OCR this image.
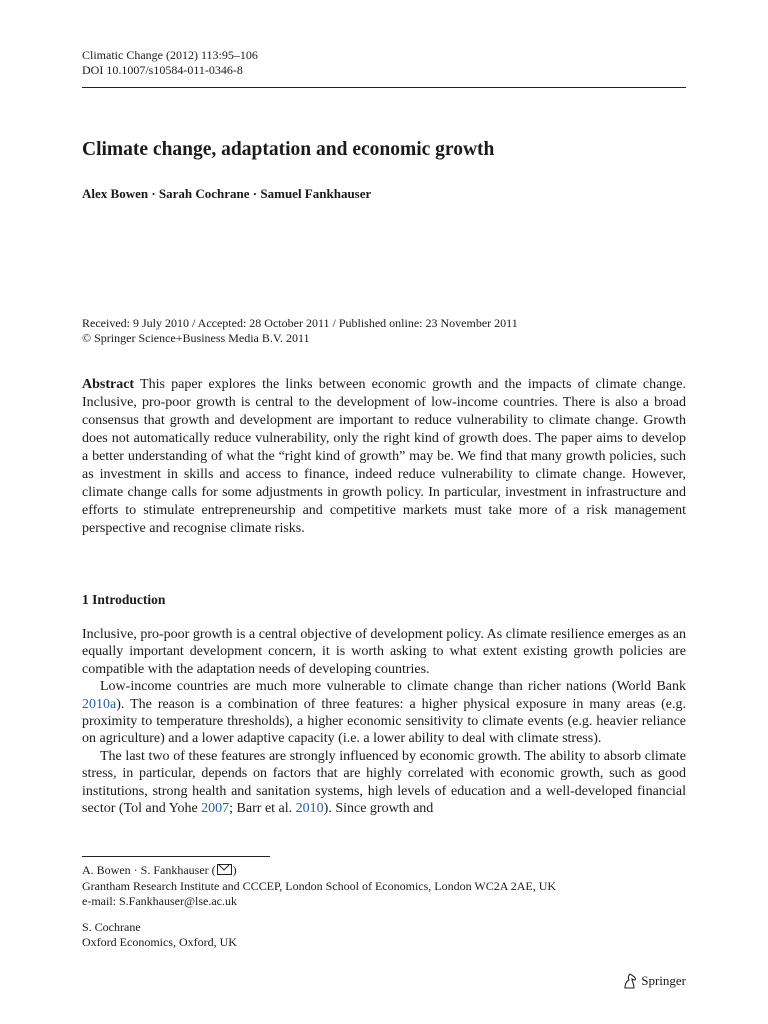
Climatic Change (2012) 113:95–106
DOI 10.1007/s10584-011-0346-8
Climate change, adaptation and economic growth
Alex Bowen · Sarah Cochrane · Samuel Fankhauser
Received: 9 July 2010 / Accepted: 28 October 2011 / Published online: 23 November 2011
© Springer Science+Business Media B.V. 2011
Abstract This paper explores the links between economic growth and the impacts of climate change. Inclusive, pro-poor growth is central to the development of low-income countries. There is also a broad consensus that growth and development are important to reduce vulnerability to climate change. Growth does not automatically reduce vulnerability, only the right kind of growth does. The paper aims to develop a better understanding of what the “right kind of growth” may be. We find that many growth policies, such as investment in skills and access to finance, indeed reduce vulnerability to climate change. However, climate change calls for some adjustments in growth policy. In particular, investment in infrastructure and efforts to stimulate entrepreneurship and competitive markets must take more of a risk management perspective and recognise climate risks.
1 Introduction

Inclusive, pro-poor growth is a central objective of development policy. As climate resilience emerges as an equally important development concern, it is worth asking to what extent existing growth policies are compatible with the adaptation needs of developing countries.

Low-income countries are much more vulnerable to climate change than richer nations (World Bank 2010a). The reason is a combination of three features: a higher physical exposure in many areas (e.g. proximity to temperature thresholds), a higher economic sensitivity to climate events (e.g. heavier reliance on agriculture) and a lower adaptive capacity (i.e. a lower ability to deal with climate stress).

The last two of these features are strongly influenced by economic growth. The ability to absorb climate stress, in particular, depends on factors that are highly correlated with economic growth, such as good institutions, strong health and sanitation systems, high levels of education and a well-developed financial sector (Tol and Yohe 2007; Barr et al. 2010). Since growth and

A. Bowen · S. Fankhauser ( )
Grantham Research Institute and CCCEP, London School of Economics, London WC2A 2AE, UK
e-mail: S.Fankhauser@lse.ac.uk
S. Cochrane
Oxford Economics, Oxford, UK
Springer
